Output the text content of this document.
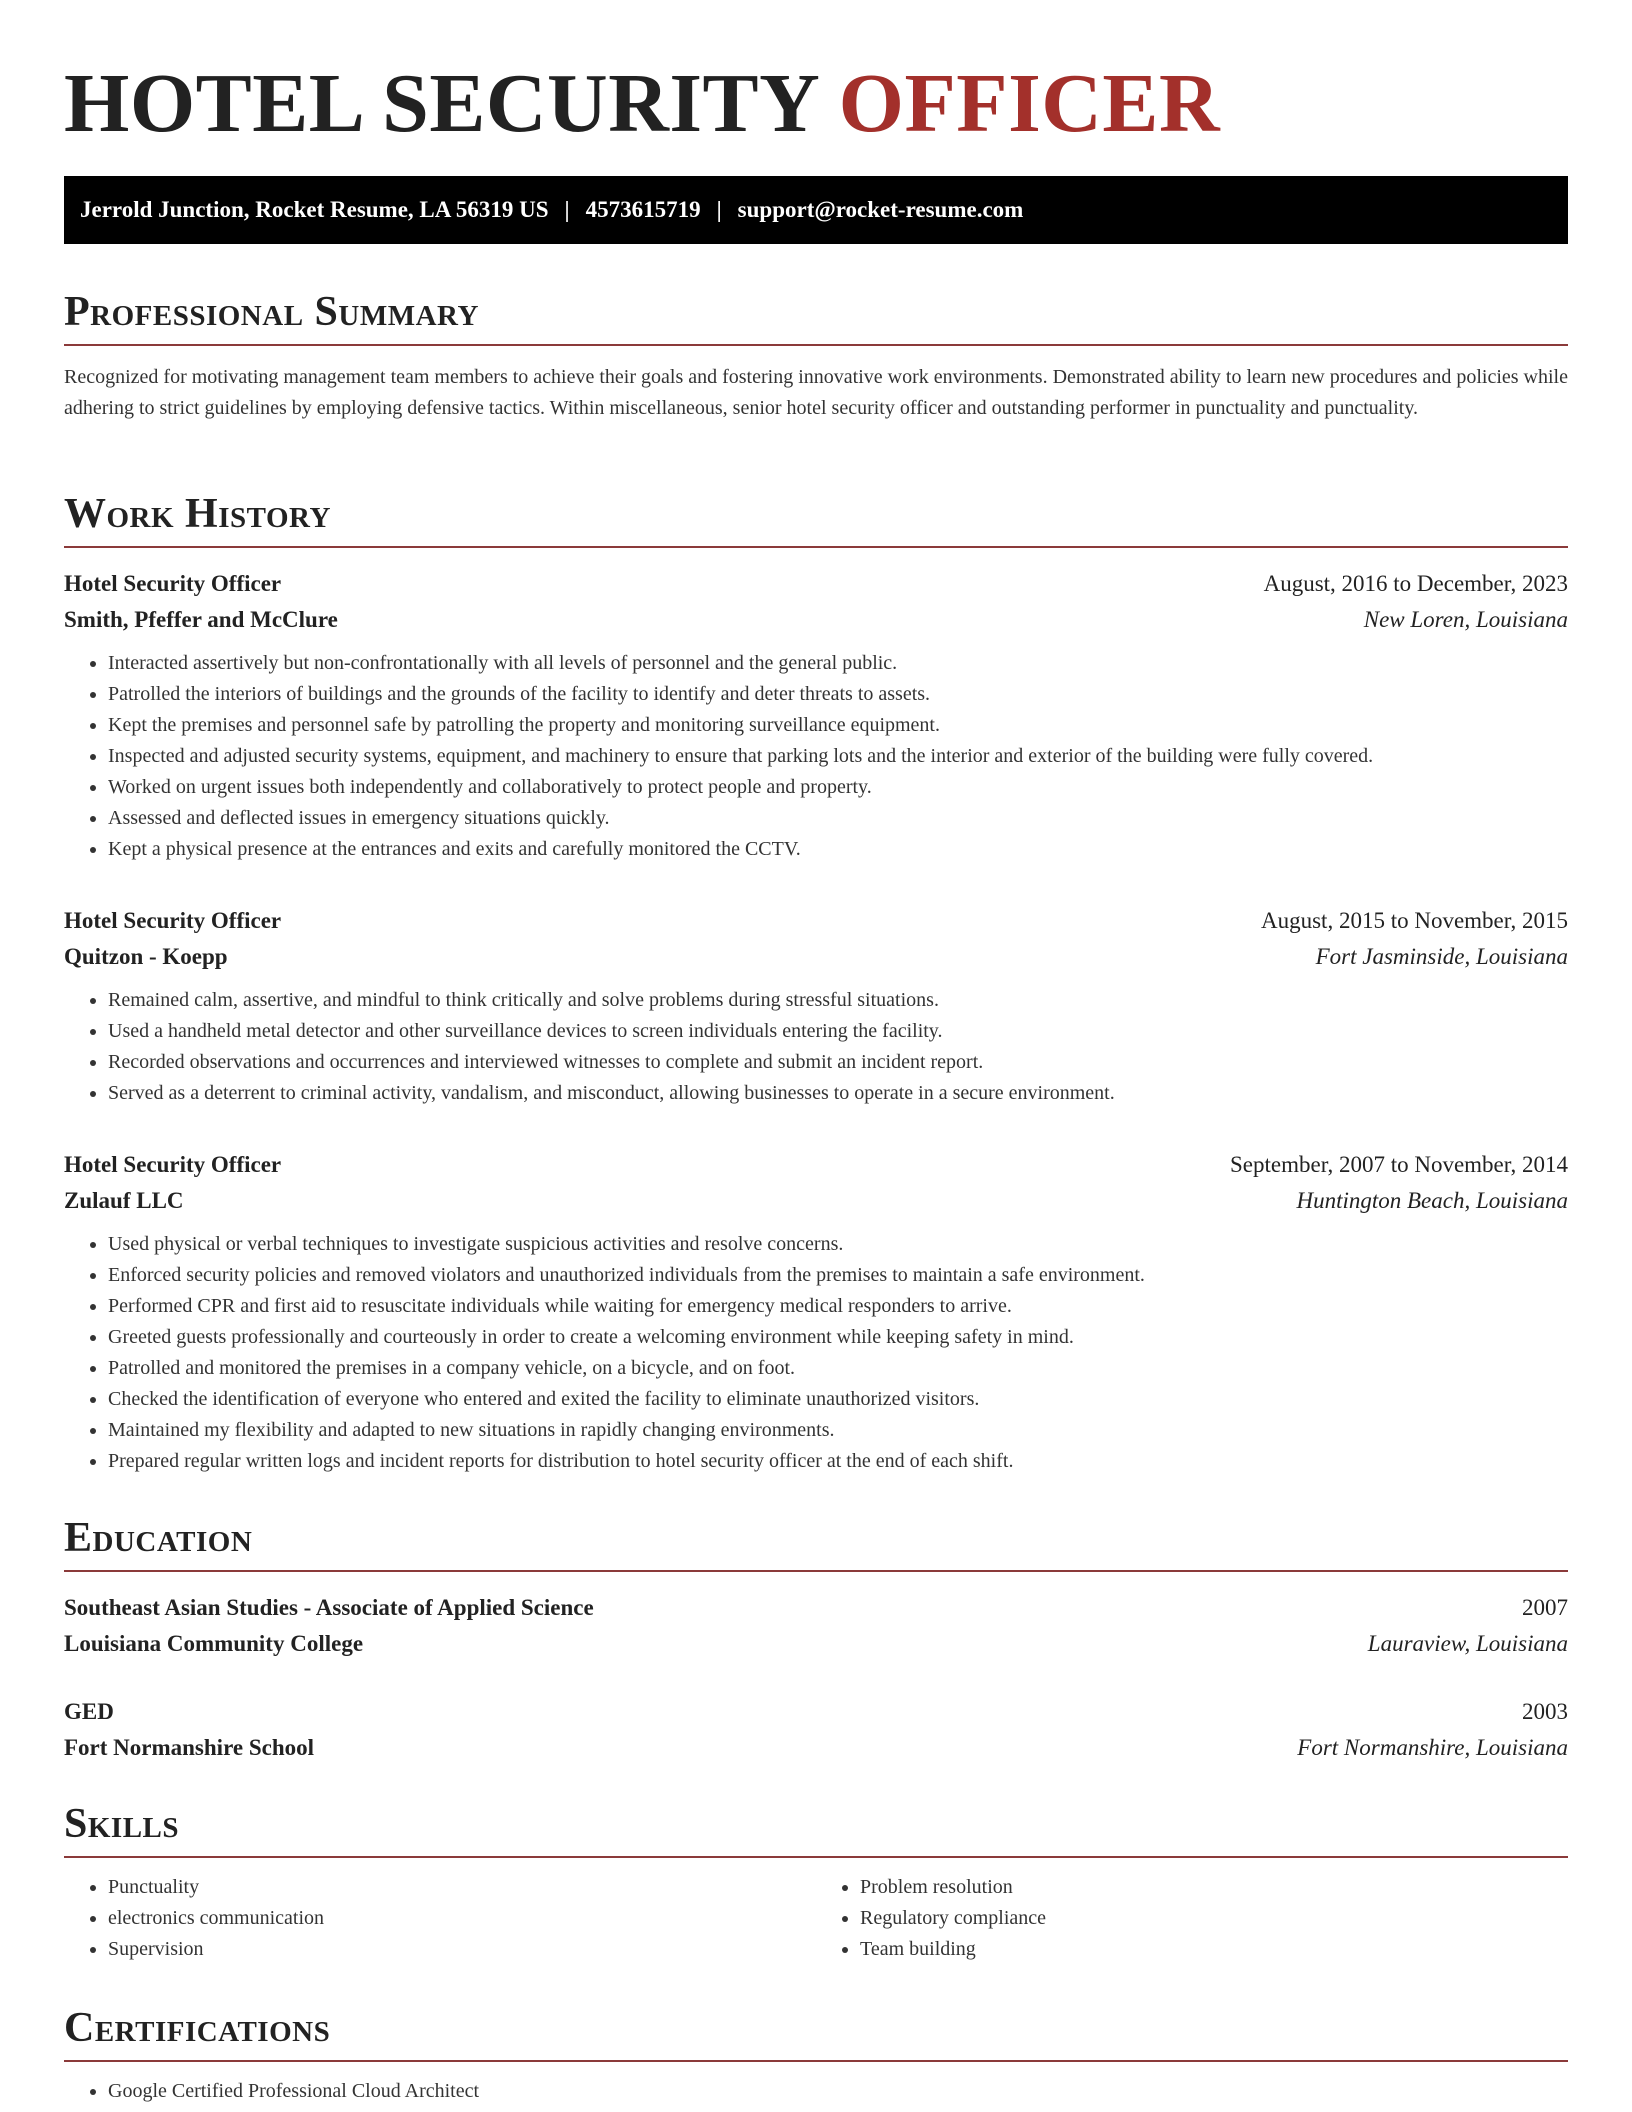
HOTEL SECURITY OFFICER
Jerrold Junction, Rocket Resume, LA 56319 US | 4573615719 | support@rocket-resume.com
Professional Summary

Recognized for motivating management team members to achieve their goals and fostering innovative work environments. Demonstrated ability to learn new procedures and policies while adhering to strict guidelines by employing defensive tactics. Within miscellaneous, senior hotel security officer and outstanding performer in punctuality and punctuality.

Work History
Hotel Security Officer	August, 2016 to December, 2023
Smith, Pfeffer and McClure	New Loren, Louisiana
• Interacted assertively but non-confrontationally with all levels of personnel and the general public.
• Patrolled the interiors of buildings and the grounds of the facility to identify and deter threats to assets.
• Kept the premises and personnel safe by patrolling the property and monitoring surveillance equipment.
• Inspected and adjusted security systems, equipment, and machinery to ensure that parking lots and the interior and exterior of the building were fully covered.
• Worked on urgent issues both independently and collaboratively to protect people and property.
• Assessed and deflected issues in emergency situations quickly.
• Kept a physical presence at the entrances and exits and carefully monitored the CCTV.
Hotel Security Officer	August, 2015 to November, 2015
Quitzon - Koepp	Fort Jasminside, Louisiana
• Remained calm, assertive, and mindful to think critically and solve problems during stressful situations.
• Used a handheld metal detector and other surveillance devices to screen individuals entering the facility.
• Recorded observations and occurrences and interviewed witnesses to complete and submit an incident report.
• Served as a deterrent to criminal activity, vandalism, and misconduct, allowing businesses to operate in a secure environment.
Hotel Security Officer	September, 2007 to November, 2014
Zulauf LLC	Huntington Beach, Louisiana
• Used physical or verbal techniques to investigate suspicious activities and resolve concerns.
• Enforced security policies and removed violators and unauthorized individuals from the premises to maintain a safe environment.
• Performed CPR and first aid to resuscitate individuals while waiting for emergency medical responders to arrive.
• Greeted guests professionally and courteously in order to create a welcoming environment while keeping safety in mind.
• Patrolled and monitored the premises in a company vehicle, on a bicycle, and on foot.
• Checked the identification of everyone who entered and exited the facility to eliminate unauthorized visitors.
• Maintained my flexibility and adapted to new situations in rapidly changing environments.
• Prepared regular written logs and incident reports for distribution to hotel security officer at the end of each shift.
Education
Southeast Asian Studies - Associate of Applied Science	2007
Louisiana Community College	Lauraview, Louisiana
GED	2003
Fort Normanshire School	Fort Normanshire, Louisiana
Skills
• Punctuality
• electronics communication
• Supervision
• Problem resolution
• Regulatory compliance
• Team building
Certifications
• Google Certified Professional Cloud Architect
